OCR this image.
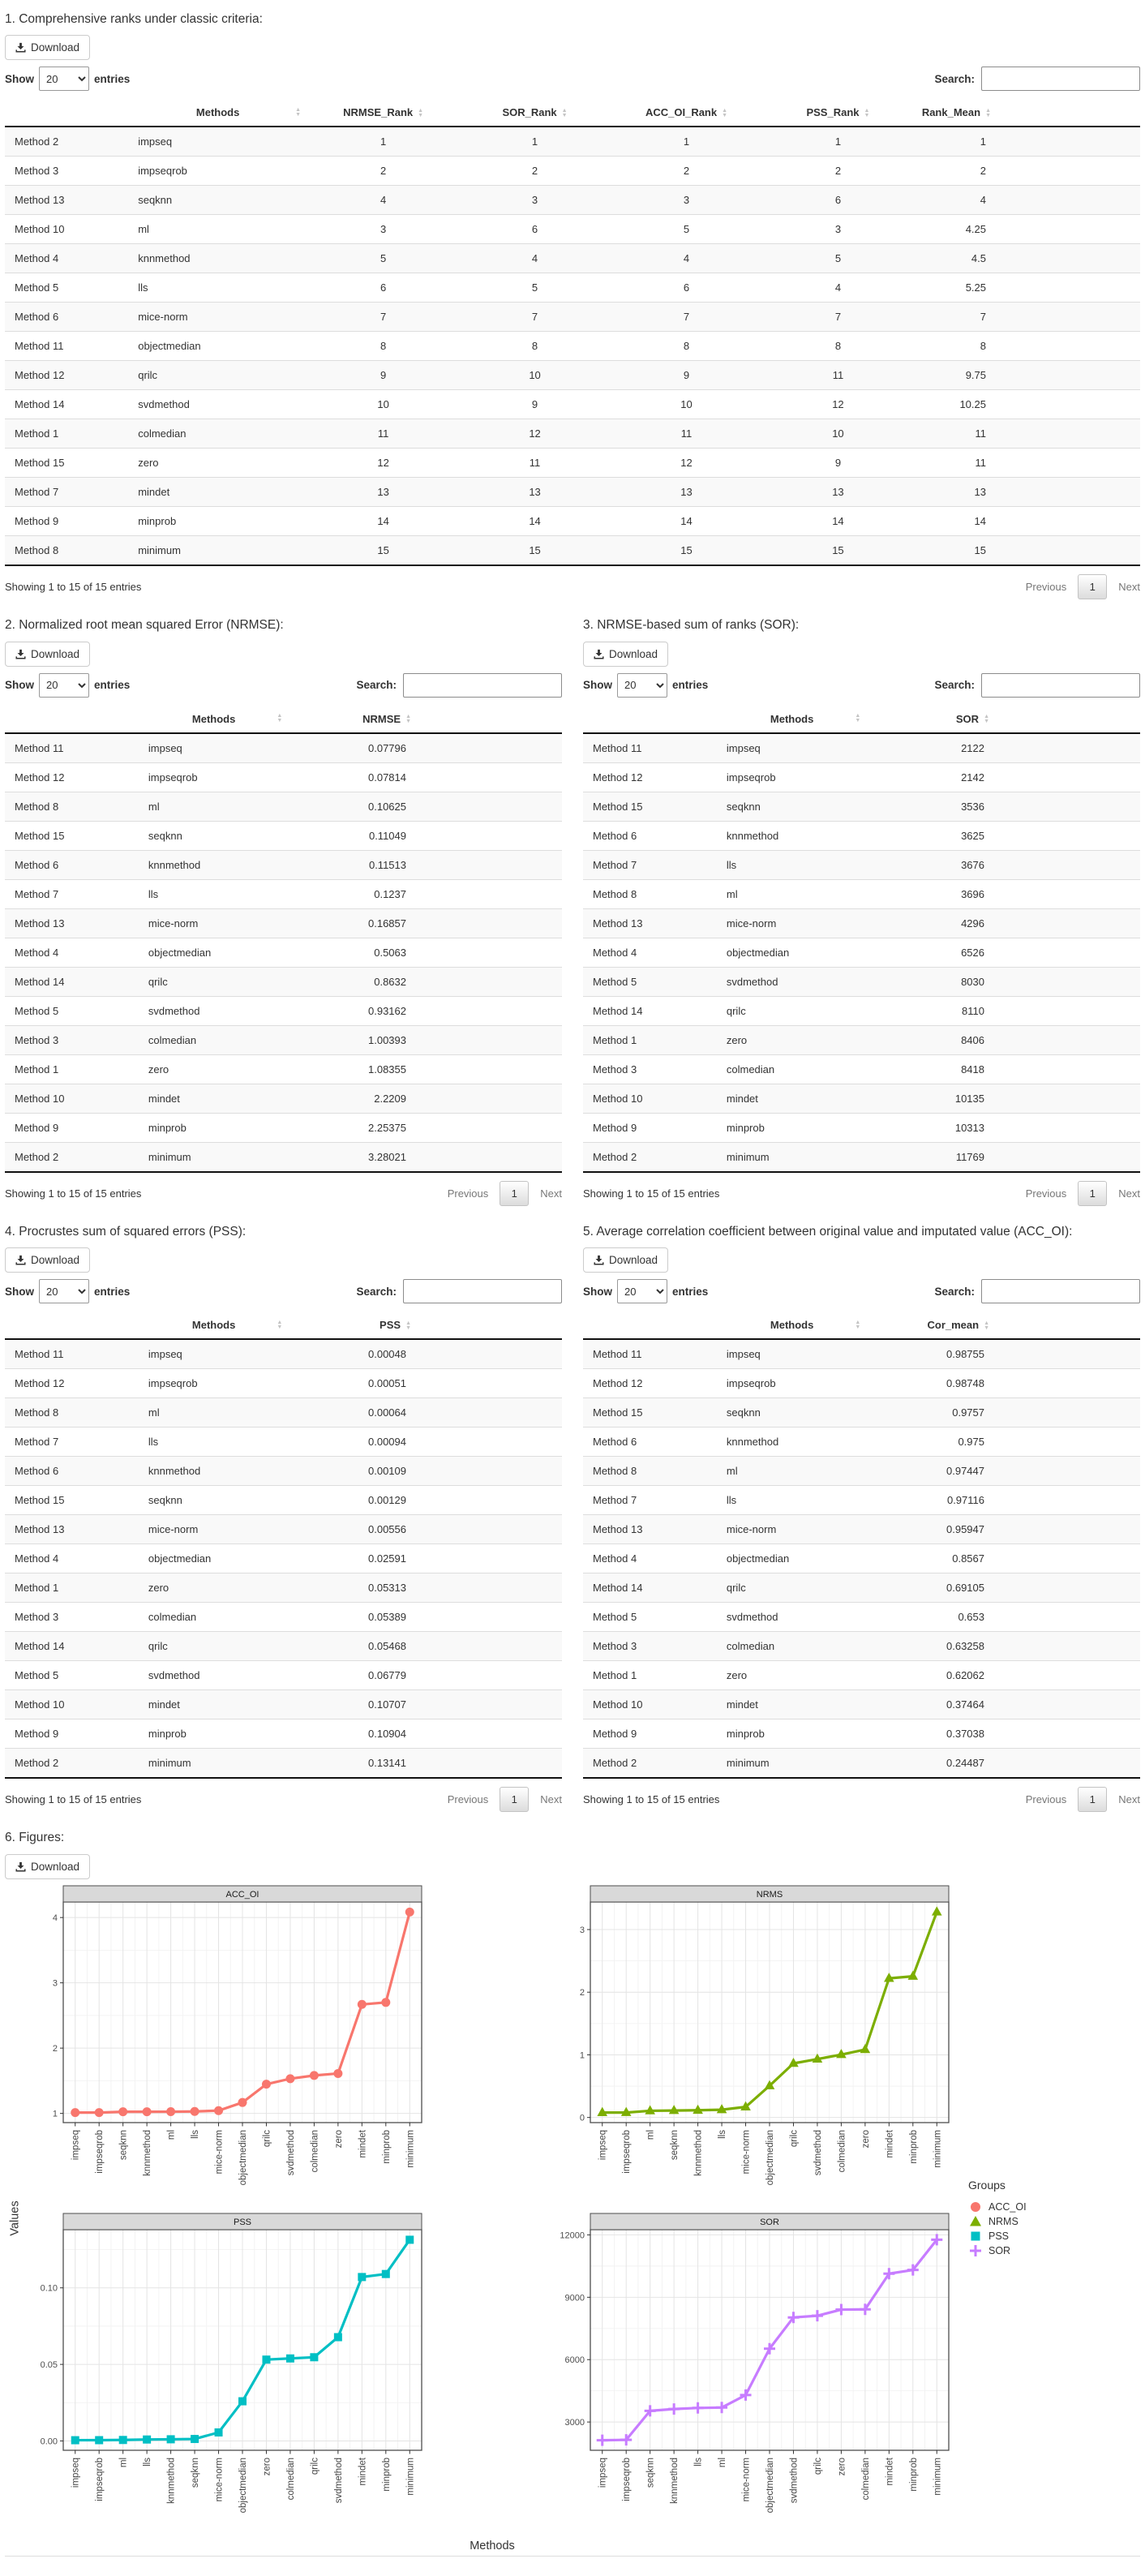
1. Comprehensive ranks under classic criteria:
Download
Show
20	entries	Search:
	Methods ▲
▼	NRMSE_Rank ▲
▼	SOR_Rank ▲
▼	ACC_OI_Rank ▲
▼	PSS_Rank ▲
▼	Rank_Mean ▲
▼

Method 2	impseq	1	1	1	1	1
Method 3	impseqrob	2	2	2	2	2
Method 13	seqknn	4	3	3	6	4
Method 10	ml	3	6	5	3	4.25
Method 4	knnmethod	5	4	4	5	4.5
Method 5	lls	6	5	6	4	5.25
Method 6	mice-norm	7	7	7	7	7
Method 11	objectmedian	8	8	8	8	8
Method 12	qrilc	9	10	9	11	9.75
Method 14	svdmethod	10	9	10	12	10.25
Method 1	colmedian	11	12	11	10	11
Method 15	zero	12	11	12	9	11
Method 7	mindet	13	13	13	13	13
Method 9	minprob	14	14	14	14	14
Method 8	minimum	15	15	15	15	15
Showing 1 to 15 of 15 entries	Previous	1	Next
2. Normalized root mean squared Error (NRMSE):
Download
Show
20	entries	Search:
	Methods ▲
▼	NRMSE ▲
▼

Method 11	impseq	0.07796
Method 12	impseqrob	0.07814
Method 8	ml	0.10625
Method 15	seqknn	0.11049
Method 6	knnmethod	0.11513
Method 7	lls	0.1237
Method 13	mice-norm	0.16857
Method 4	objectmedian	0.5063
Method 14	qrilc	0.8632
Method 5	svdmethod	0.93162
Method 3	colmedian	1.00393
Method 1	zero	1.08355
Method 10	mindet	2.2209
Method 9	minprob	2.25375
Method 2	minimum	3.28021
Showing 1 to 15 of 15 entries	Previous	1	Next
3. NRMSE-based sum of ranks (SOR):
Download
Show
20	entries	Search:
	Methods ▲
▼	SOR ▲
▼

Method 11	impseq	2122
Method 12	impseqrob	2142
Method 15	seqknn	3536
Method 6	knnmethod	3625
Method 7	lls	3676
Method 8	ml	3696
Method 13	mice-norm	4296
Method 4	objectmedian	6526
Method 5	svdmethod	8030
Method 14	qrilc	8110
Method 1	zero	8406
Method 3	colmedian	8418
Method 10	mindet	10135
Method 9	minprob	10313
Method 2	minimum	11769
Showing 1 to 15 of 15 entries	Previous	1	Next
4. Procrustes sum of squared errors (PSS):
Download
Show
20	entries	Search:
	Methods ▲
▼	PSS ▲
▼

Method 11	impseq	0.00048
Method 12	impseqrob	0.00051
Method 8	ml	0.00064
Method 7	lls	0.00094
Method 6	knnmethod	0.00109
Method 15	seqknn	0.00129
Method 13	mice-norm	0.00556
Method 4	objectmedian	0.02591
Method 1	zero	0.05313
Method 3	colmedian	0.05389
Method 14	qrilc	0.05468
Method 5	svdmethod	0.06779
Method 10	mindet	0.10707
Method 9	minprob	0.10904
Method 2	minimum	0.13141
Showing 1 to 15 of 15 entries	Previous	1	Next
5. Average correlation coefficient between original value and imputated value (ACC_OI):
Download
Show
20	entries	Search:
	Methods ▲
▼	Cor_mean ▲
▼

Method 11	impseq	0.98755
Method 12	impseqrob	0.98748
Method 15	seqknn	0.9757
Method 6	knnmethod	0.975
Method 8	ml	0.97447
Method 7	lls	0.97116
Method 13	mice-norm	0.95947
Method 4	objectmedian	0.8567
Method 14	qrilc	0.69105
Method 5	svdmethod	0.653
Method 3	colmedian	0.63258
Method 1	zero	0.62062
Method 10	mindet	0.37464
Method 9	minprob	0.37038
Method 2	minimum	0.24487
Showing 1 to 15 of 15 entries	Previous	1	Next
6. Figures:
Download
Values
ACC_OI
1
2
3
4
impseq impseqrob seqknn knnmethod ml lls mice-norm objectmedian qrilc svdmethod colmedian zero mindet minprob minimum
NRMS
0
1
2
3
impseq impseqrob ml seqknn knnmethod lls mice-norm objectmedian qrilc svdmethod colmedian zero mindet minprob minimum
PSS
0.00
0.05
0.10
impseq impseqrob ml lls knnmethod seqknn mice-norm objectmedian zero colmedian qrilc svdmethod mindet minprob minimum
SOR
3000
6000
9000
12000
impseq impseqrob seqknn knnmethod lls ml mice-norm objectmedian svdmethod qrilc zero colmedian mindet minprob minimum
Methods
Groups
ACC_OI
NRMS
PSS
SOR
